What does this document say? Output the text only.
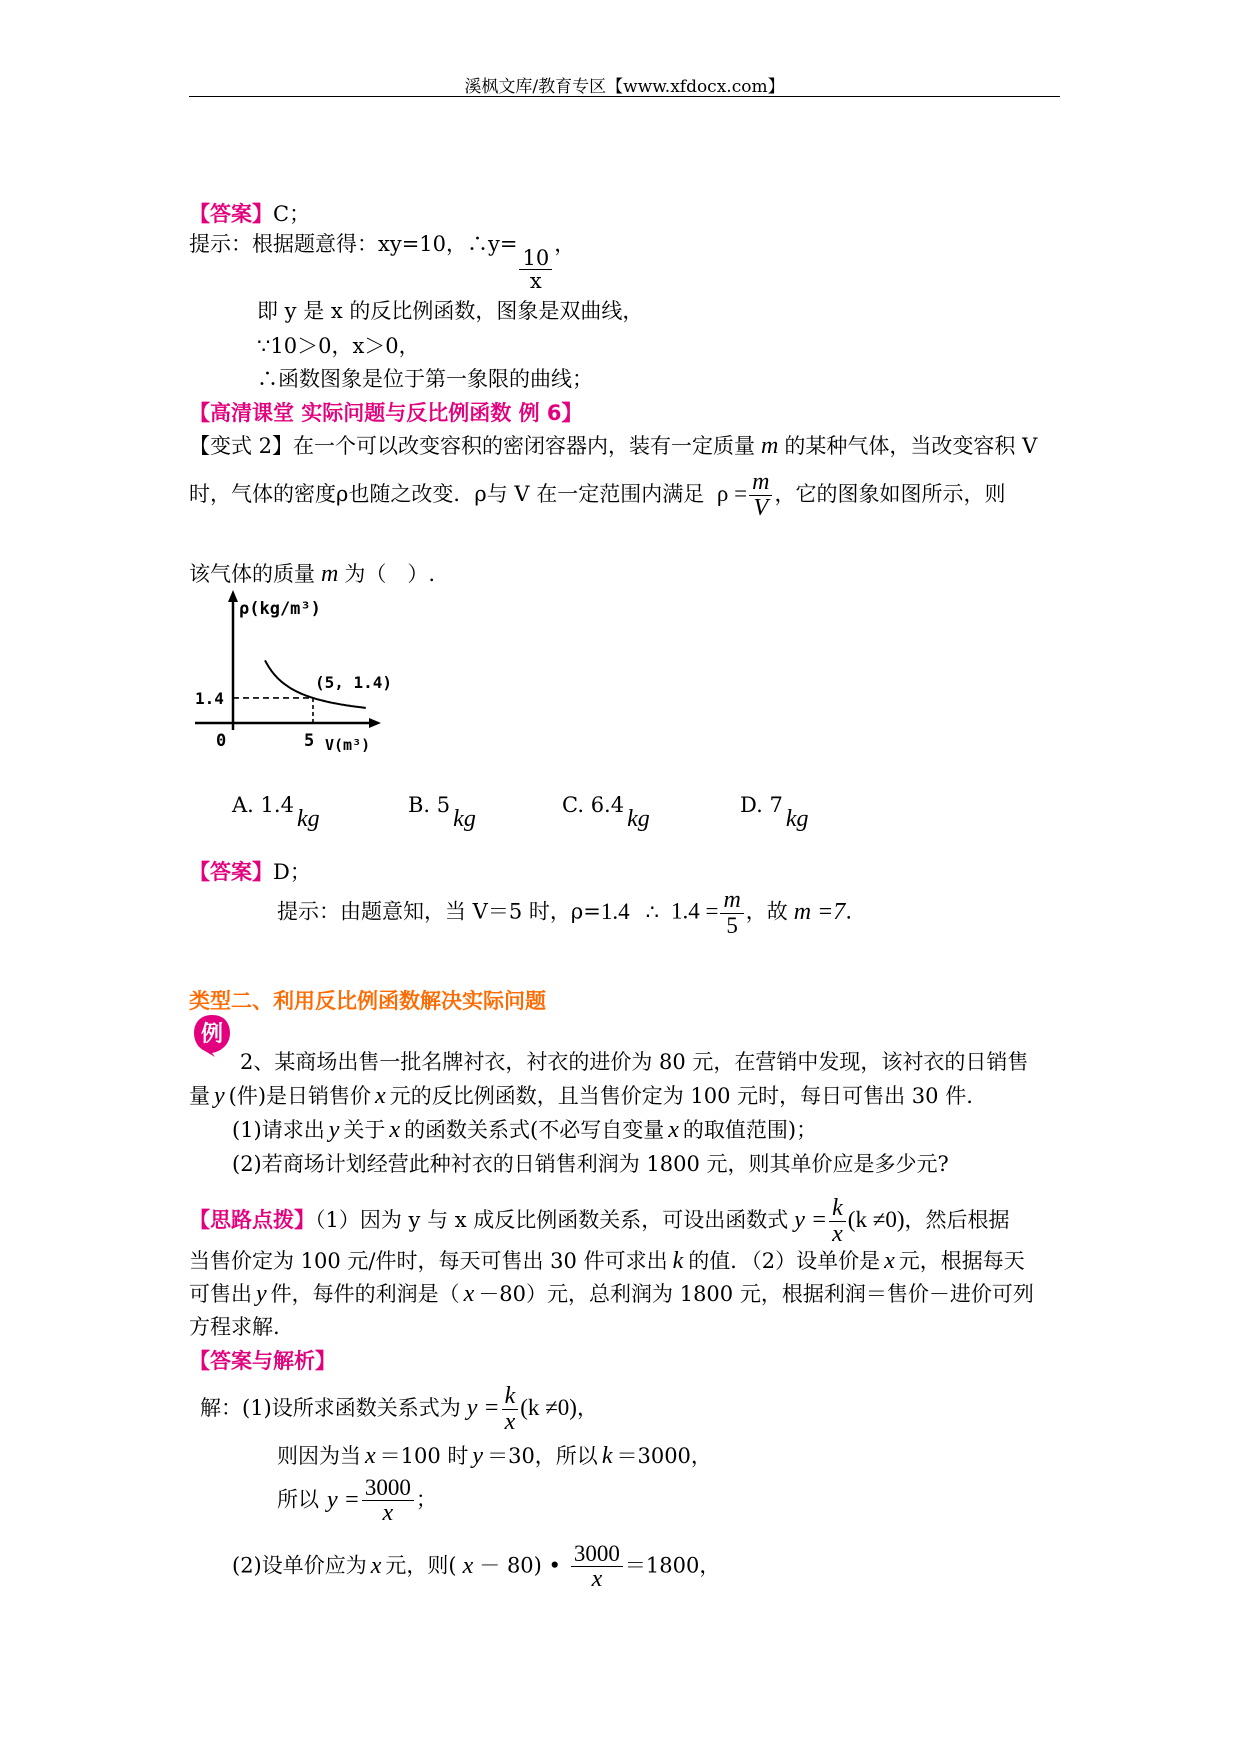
溪枫文库/教育专区【www.xfdocx.com】
【答案】C；
提示：根据题意得：xy=10，∴y=
$\frac{10}{x}$
，
即 y 是 x 的反比例函数，图象是双曲线，
∵10＞0，x＞0，
∴函数图象是位于第一象限的曲线；
【高清课堂 实际问题与反比例函数 例 6】
【变式 2】在一个可以改变容积的密闭容器内，装有一定质量 m 的某种气体，当改变容积 V
时，气体的密度ρ也随之改变．ρ与 V 在一定范围内满足 $\rho = \frac{m}{V}$ ，它的图象如图所示，则
该气体的质量 m 为（　）.
ρ(kg/m³)
V(m³)
0	5
1.4
(5, 1.4)
A. 1.4kg
B. 5kg
C. 6.4kg
D. 7kg
【答案】D；
提示：由题意知，当 V＝5 时，ρ=1.4 ∴ $1.4 = \frac{m}{5}$ ，故 m =7.
类型二、利用反比例函数解决实际问题
例
2、某商场出售一批名牌衬衣，衬衣的进价为 80 元，在营销中发现，该衬衣的日销售
量 y (件)是日销售价 x 元的反比例函数，且当售价定为 100 元时，每日可售出 30 件.
(1)请求出 y 关于 x 的函数关系式(不必写自变量 x 的取值范围)；
(2)若商场计划经营此种衬衣的日销售利润为 1800 元，则其单价应是多少元?
【思路点拨】（1）因为 y 与 x 成反比例函数关系，可设出函数式 $y = \frac{k}{x} (k \ne 0)$，然后根据
当售价定为 100 元/件时，每天可售出 30 件可求出 k 的值．（2）设单价是 x 元，根据每天
可售出 y 件，每件的利润是（ x －80）元，总利润为 1800 元，根据利润＝售价－进价可列
方程求解.
【答案与解析】
解：(1)设所求函数关系式为 $y = \frac{k}{x} (k \ne 0)$，
则因为当 x ＝100 时 y ＝30，所以 k ＝3000，
所以 $y = \frac{3000}{x}$ ；
(2)设单价应为 x 元，则( x － 80) • $\frac{3000}{x} =1800$，
